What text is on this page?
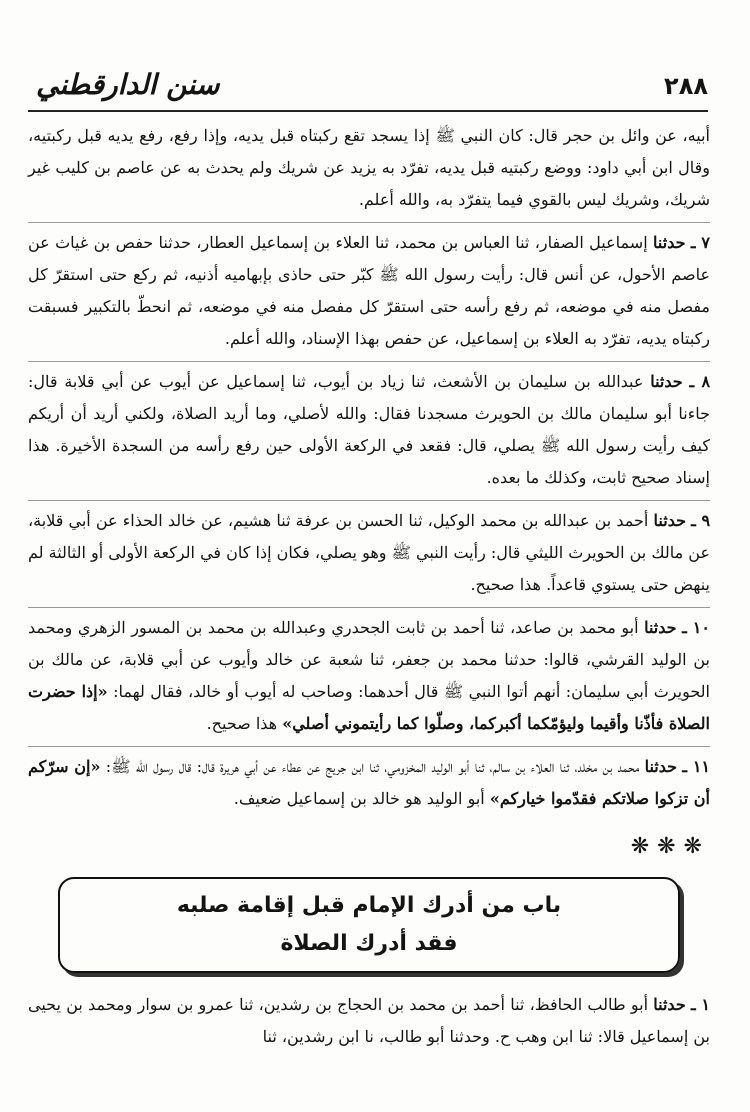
٢٨٨
سنن الدارقطني

أبيه، عن وائل بن حجر قال: كان النبي ﷺ إذا يسجد تقع ركبتاه قبل يديه، وإذا رفع، رفع يديه قبل ركبتيه، وقال ابن أبي داود: ووضع ركبتيه قبل يديه، تفرّد به يزيد عن شريك ولم يحدث به عن عاصم بن كليب غير شريك، وشريك ليس بالقوي فيما يتفرّد به، والله أعلم.

٧ ـ حدثنا إسماعيل الصفار، ثنا العباس بن محمد، ثنا العلاء بن إسماعيل العطار، حدثنا حفص بن غياث عن عاصم الأحول، عن أنس قال: رأيت رسول الله ﷺ كبّر حتى حاذى بإبهاميه أذنيه، ثم ركع حتى استقرّ كل مفصل منه في موضعه، ثم رفع رأسه حتى استقرّ كل مفصل منه في موضعه، ثم انحطّ بالتكبير فسبقت ركبتاه يديه، تفرّد به العلاء بن إسماعيل، عن حفص بهذا الإسناد، والله أعلم.

٨ ـ حدثنا عبدالله بن سليمان بن الأشعث، ثنا زياد بن أيوب، ثنا إسماعيل عن أيوب عن أبي قلابة قال: جاءنا أبو سليمان مالك بن الحويرث مسجدنا فقال: والله لأصلي، وما أريد الصلاة، ولكني أريد أن أريكم كيف رأيت رسول الله ﷺ يصلي، قال: فقعد في الركعة الأولى حين رفع رأسه من السجدة الأخيرة. هذا إسناد صحيح ثابت، وكذلك ما بعده.

٩ ـ حدثنا أحمد بن عبدالله بن محمد الوكيل، ثنا الحسن بن عرفة ثنا هشيم، عن خالد الحذاء عن أبي قلابة، عن مالك بن الحويرث الليثي قال: رأيت النبي ﷺ وهو يصلي، فكان إذا كان في الركعة الأولى أو الثالثة لم ينهض حتى يستوي قاعداً. هذا صحيح.

١٠ ـ حدثنا أبو محمد بن صاعد، ثنا أحمد بن ثابت الجحدري وعبدالله بن محمد بن المسور الزهري ومحمد بن الوليد القرشي، قالوا: حدثنا محمد بن جعفر، ثنا شعبة عن خالد وأيوب عن أبي قلابة، عن مالك بن الحويرث أبي سليمان: أنهم أتوا النبي ﷺ قال أحدهما: وصاحب له أيوب أو خالد، فقال لهما: «إذا حضرت الصلاة فأذّنا وأقيما وليؤمّكما أكبركما، وصلّوا كما رأيتموني أصلي» هذا صحيح.

١١ ـ حدثنا محمد بن مخلد، ثنا العلاء بن سالم، ثنا أبو الوليد المخزومي، ثنا ابن جريج عن عطاء عن أبي هريرة قال: قال رسول الله ﷺ: «إن سرّكم أن تزكوا صلاتكم فقدّموا خياركم» أبو الوليد هو خالد بن إسماعيل ضعيف.

❋❋❋

باب من أدرك الإمام قبل إقامة صلبه
فقد أدرك الصلاة

١ ـ حدثنا أبو طالب الحافظ، ثنا أحمد بن محمد بن الحجاج بن رشدين، ثنا عمرو بن سوار ومحمد بن يحيى بن إسماعيل قالا: ثنا ابن وهب ح. وحدثنا أبو طالب، نا ابن رشدين، ثنا
